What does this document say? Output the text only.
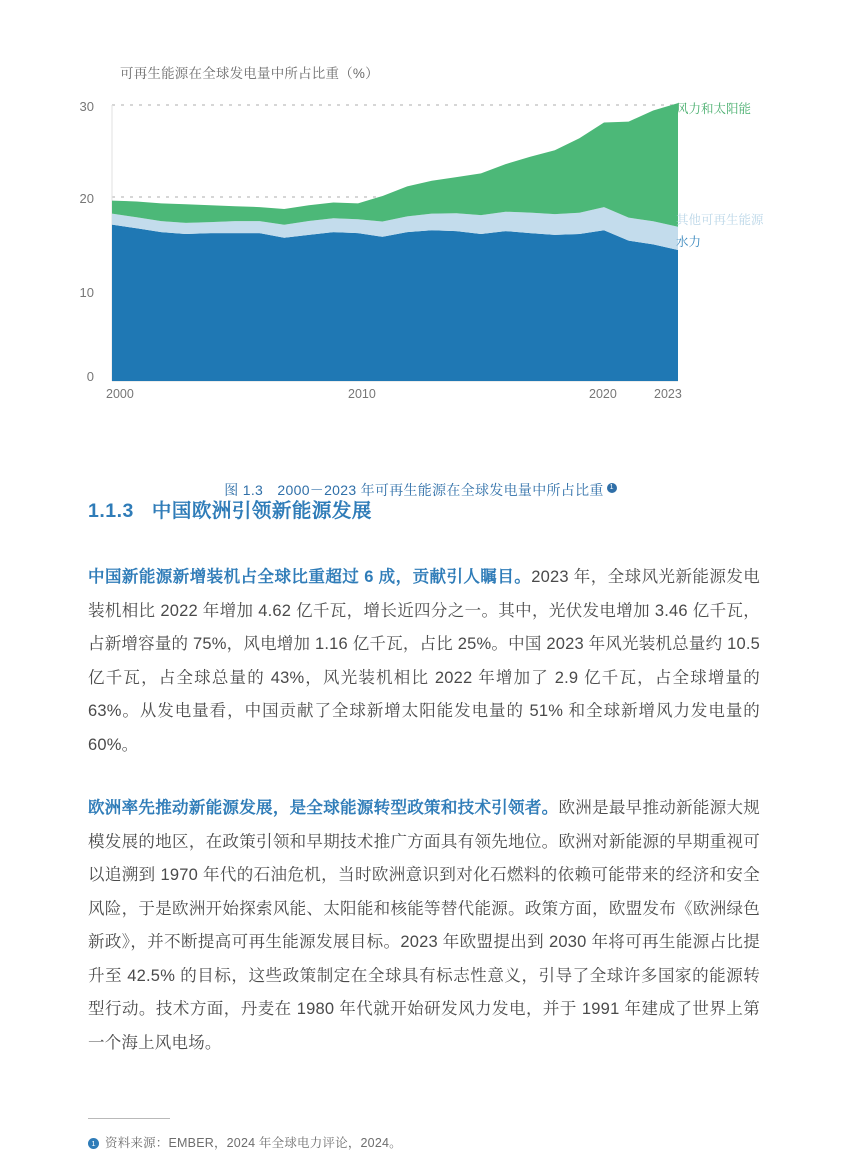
可再生能源在全球发电量中所占比重（%）
30
20
10
0
2000	2010	2020	2023
风力和太阳能
其他可再生能源
水力
图 1.3　2000－2023 年可再生能源在全球发电量中所占比重 1
1.1.3 中国欧洲引领新能源发展

中国新能源新增装机占全球比重超过 6 成，贡献引人瞩目。2023 年，全球风光新能源发电装机相比 2022 年增加 4.62 亿千瓦，增长近四分之一。其中，光伏发电增加 3.46 亿千瓦，占新增容量的 75%，风电增加 1.16 亿千瓦，占比 25%。中国 2023 年风光装机总量约 10.5 亿千瓦，占全球总量的 43%，风光装机相比 2022 年增加了 2.9 亿千瓦，占全球增量的 63%。从发电量看，中国贡献了全球新增太阳能发电量的 51% 和全球新增风力发电量的 60%。

欧洲率先推动新能源发展，是全球能源转型政策和技术引领者。欧洲是最早推动新能源大规模发展的地区，在政策引领和早期技术推广方面具有领先地位。欧洲对新能源的早期重视可以追溯到 1970 年代的石油危机，当时欧洲意识到对化石燃料的依赖可能带来的经济和安全风险，于是欧洲开始探索风能、太阳能和核能等替代能源。政策方面，欧盟发布《欧洲绿色新政》，并不断提高可再生能源发展目标。2023 年欧盟提出到 2030 年将可再生能源占比提升至 42.5% 的目标，这些政策制定在全球具有标志性意义，引导了全球许多国家的能源转型行动。技术方面，丹麦在 1980 年代就开始研发风力发电，并于 1991 年建成了世界上第一个海上风电场。

1 资料来源：EMBER，2024 年全球电力评论，2024。
